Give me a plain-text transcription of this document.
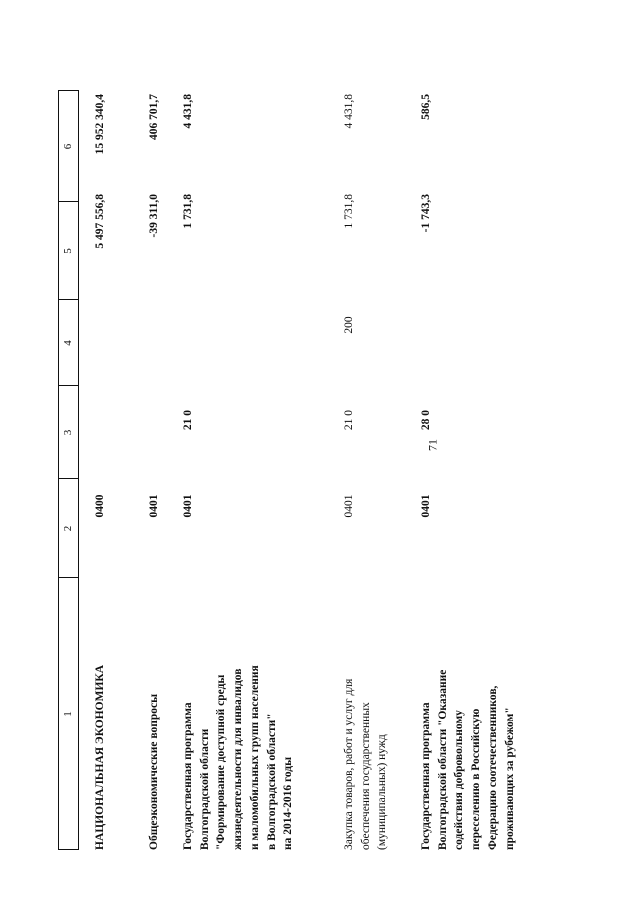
71
1
2
3
4
5
6
НАЦИОНАЛЬНАЯ ЭКОНОМИКА
0400
5 497 556,8
15 952 340,4
Общеэкономические вопросы
0401
-39 311,0
406 701,7
Государственная программа
Волгоградской области
"Формирование доступной среды
жизнедеятельности для инвалидов
и маломобильных групп населения
в Волгоградской области"
на 2014-2016 годы
0401
21 0
1 731,8
4 431,8
Закупка товаров, работ и услуг для
обеспечения государственных
(муниципальных) нужд
0401
21 0
200
1 731,8
4 431,8
Государственная программа
Волгоградской области "Оказание
содействия добровольному
переселению в Российскую
Федерацию соотечественников,
проживающих за рубежом"
0401
28 0
-1 743,3
586,5
